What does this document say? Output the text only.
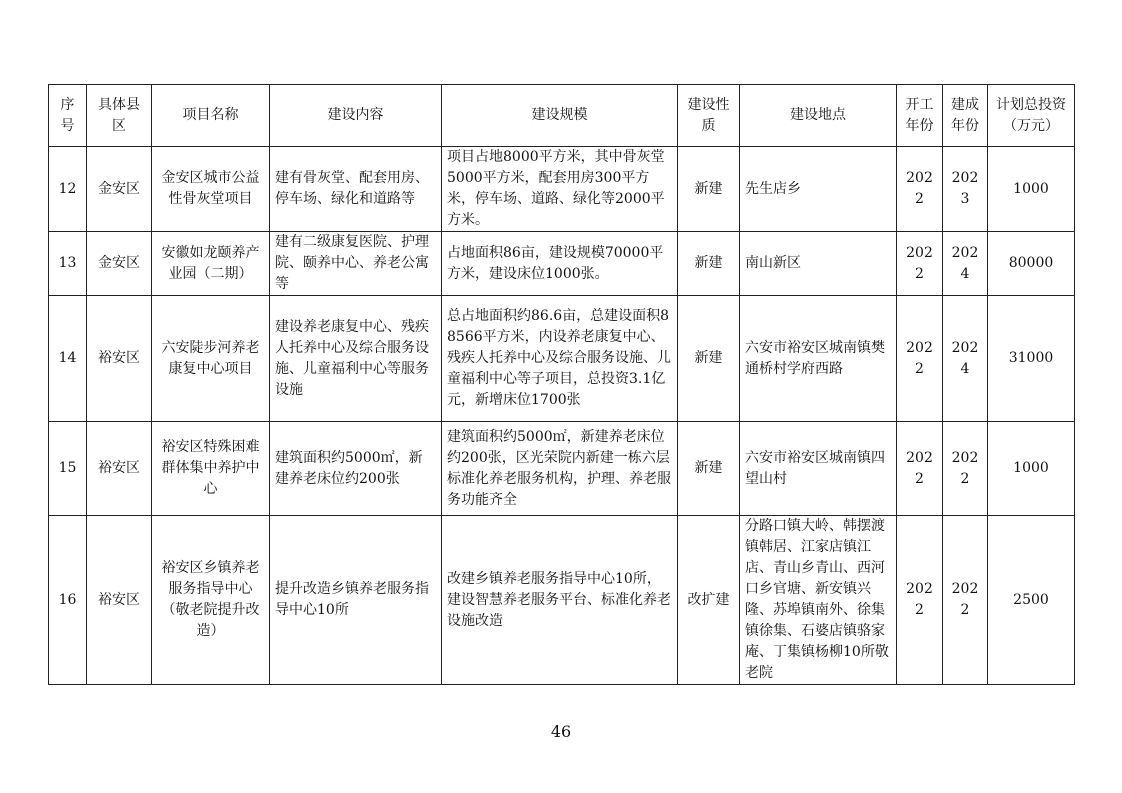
序号	具体县区	项目名称	建设内容	建设规模	建设性质	建设地点	开工年份	建成年份	计划总投资（万元）
12	金安区	金安区城市公益性骨灰堂项目	建有骨灰堂、配套用房、停车场、绿化和道路等	项目占地8000平方米，其中骨灰堂5000平方米，配套用房300平方米，停车场、道路、绿化等2000平方米。	新建	先生店乡	2022	2023	1000
13	金安区	安徽如龙颐养产业园（二期）	建有二级康复医院、护理院、颐养中心、养老公寓等	占地面积86亩，建设规模70000平方米，建设床位1000张。	新建	南山新区	2022	2024	80000
14	裕安区	六安陡步河养老康复中心项目	建设养老康复中心、残疾人托养中心及综合服务设施、儿童福利中心等服务设施	总占地面积约86.6亩，总建设面积88566平方米，内设养老康复中心、残疾人托养中心及综合服务设施、儿童福利中心等子项目，总投资3.1亿元，新增床位1700张	新建	六安市裕安区城南镇樊通桥村学府西路	2022	2024	31000
15	裕安区	裕安区特殊困难群体集中养护中心	建筑面积约5000㎡，新建养老床位约200张	建筑面积约5000㎡，新建养老床位约200张，区光荣院内新建一栋六层标准化养老服务机构，护理、养老服务功能齐全	新建	六安市裕安区城南镇四望山村	2022	2022	1000
16	裕安区	裕安区乡镇养老服务指导中心（敬老院提升改造）	提升改造乡镇养老服务指导中心10所	改建乡镇养老服务指导中心10所，建设智慧养老服务平台、标准化养老设施改造	改扩建	分路口镇大岭、韩摆渡镇韩居、江家店镇江店、青山乡青山、西河口乡官塘、新安镇兴隆、苏埠镇南外、徐集镇徐集、石婆店镇骆家庵、丁集镇杨柳10所敬老院	2022	2022	2500
46
